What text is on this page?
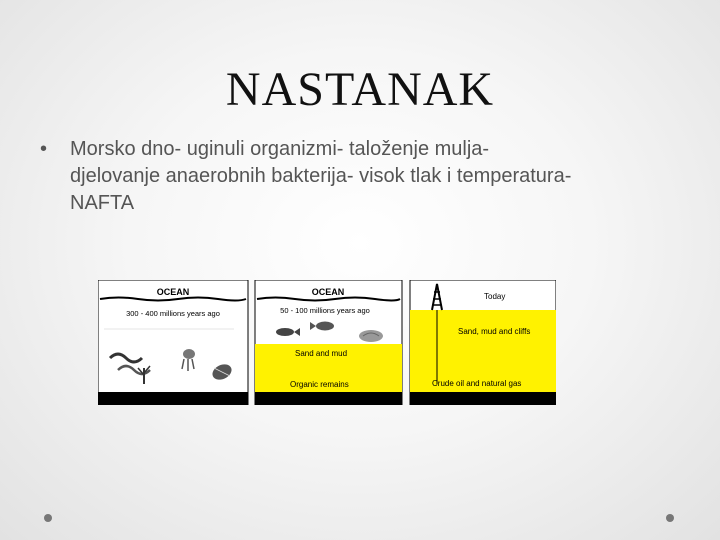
NASTANAK
•	Morsko dno- uginuli organizmi- taloženje mulja-
djelovanje anaerobnih bakterija- visok tlak i temperatura-
NAFTA
OCEAN
300 - 400 millions years ago
OCEAN
50 - 100 millions years ago
Sand and mud
Organic remains
Today
Sand, mud and cliffs
Crude oil and natural gas
